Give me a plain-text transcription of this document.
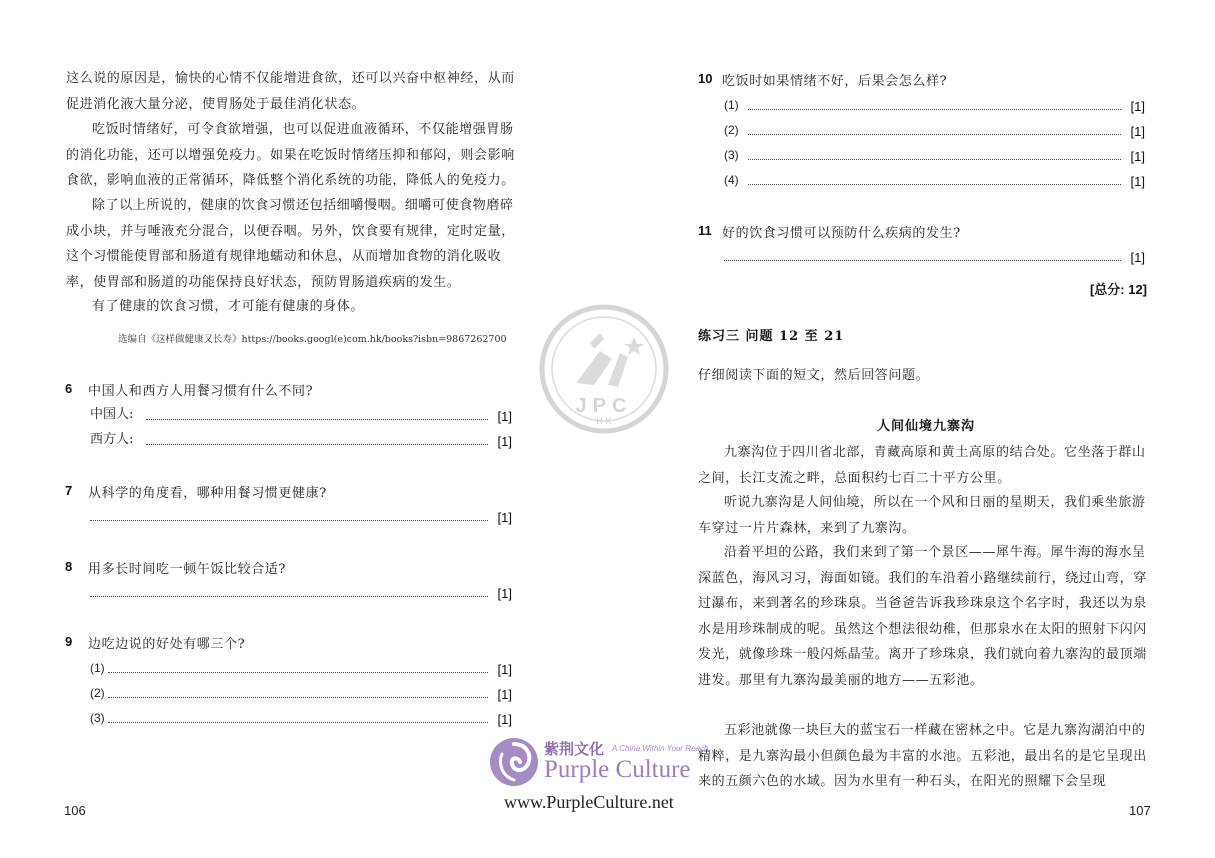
这么说的原因是，愉快的心情不仅能增进食欲，还可以兴奋中枢神经，从而促进消化液大量分泌，使胃肠处于最佳消化状态。
吃饭时情绪好，可令食欲增强，也可以促进血液循环，不仅能增强胃肠的消化功能，还可以增强免疫力。如果在吃饭时情绪压抑和郁闷，则会影响食欲，影响血液的正常循环，降低整个消化系统的功能，降低人的免疫力。
除了以上所说的，健康的饮食习惯还包括细嚼慢咽。细嚼可使食物磨碎成小块，并与唾液充分混合，以便吞咽。另外，饮食要有规律，定时定量，这个习惯能使胃部和肠道有规律地蠕动和休息，从而增加食物的消化吸收率，使胃部和肠道的功能保持良好状态，预防胃肠道疾病的发生。
有了健康的饮食习惯，才可能有健康的身体。
选编自《这样做健康又长寿》https://books.googl(e)com.hk/books?isbn=9867262700
6 中国人和西方人用餐习惯有什么不同?
中国人:	[1]
西方人:	[1]
7 从科学的角度看，哪种用餐习惯更健康?
[1]
8 用多长时间吃一顿午饭比较合适?
[1]
9 边吃边说的好处有哪三个?
(1)	[1]
(2)	[1]
(3)	[1]
106
10 吃饭时如果情绪不好，后果会怎么样?
(1)	[1]
(2)	[1]
(3)	[1]
(4)	[1]
11 好的饮食习惯可以预防什么疾病的发生?
[1]
[总分: 12]
练习三 问题 12 至 21
仔细阅读下面的短文，然后回答问题。
人间仙境九寨沟
九寨沟位于四川省北部，青藏高原和黄土高原的结合处。它坐落于群山之间，长江支流之畔，总面积约七百二十平方公里。
听说九寨沟是人间仙境，所以在一个风和日丽的星期天，我们乘坐旅游车穿过一片片森林，来到了九寨沟。
沿着平坦的公路，我们来到了第一个景区——犀牛海。犀牛海的海水呈深蓝色，海风习习，海面如镜。我们的车沿着小路继续前行，绕过山弯，穿过瀑布，来到著名的珍珠泉。当爸爸告诉我珍珠泉这个名字时，我还以为泉水是用珍珠制成的呢。虽然这个想法很幼稚，但那泉水在太阳的照射下闪闪发光，就像珍珠一般闪烁晶莹。离开了珍珠泉，我们就向着九寨沟的最顶端进发。那里有九寨沟最美丽的地方——五彩池。
五彩池就像一块巨大的蓝宝石一样藏在密林之中。它是九寨沟湖泊中的精粹，是九寨沟最小但颜色最为丰富的水池。五彩池，最出名的是它呈现出来的五颜六色的水域。因为水里有一种石头，在阳光的照耀下会呈现
107
JPC
H K
紫荆文化 A China Within Your Reach
Purple Culture
www.PurpleCulture.net
